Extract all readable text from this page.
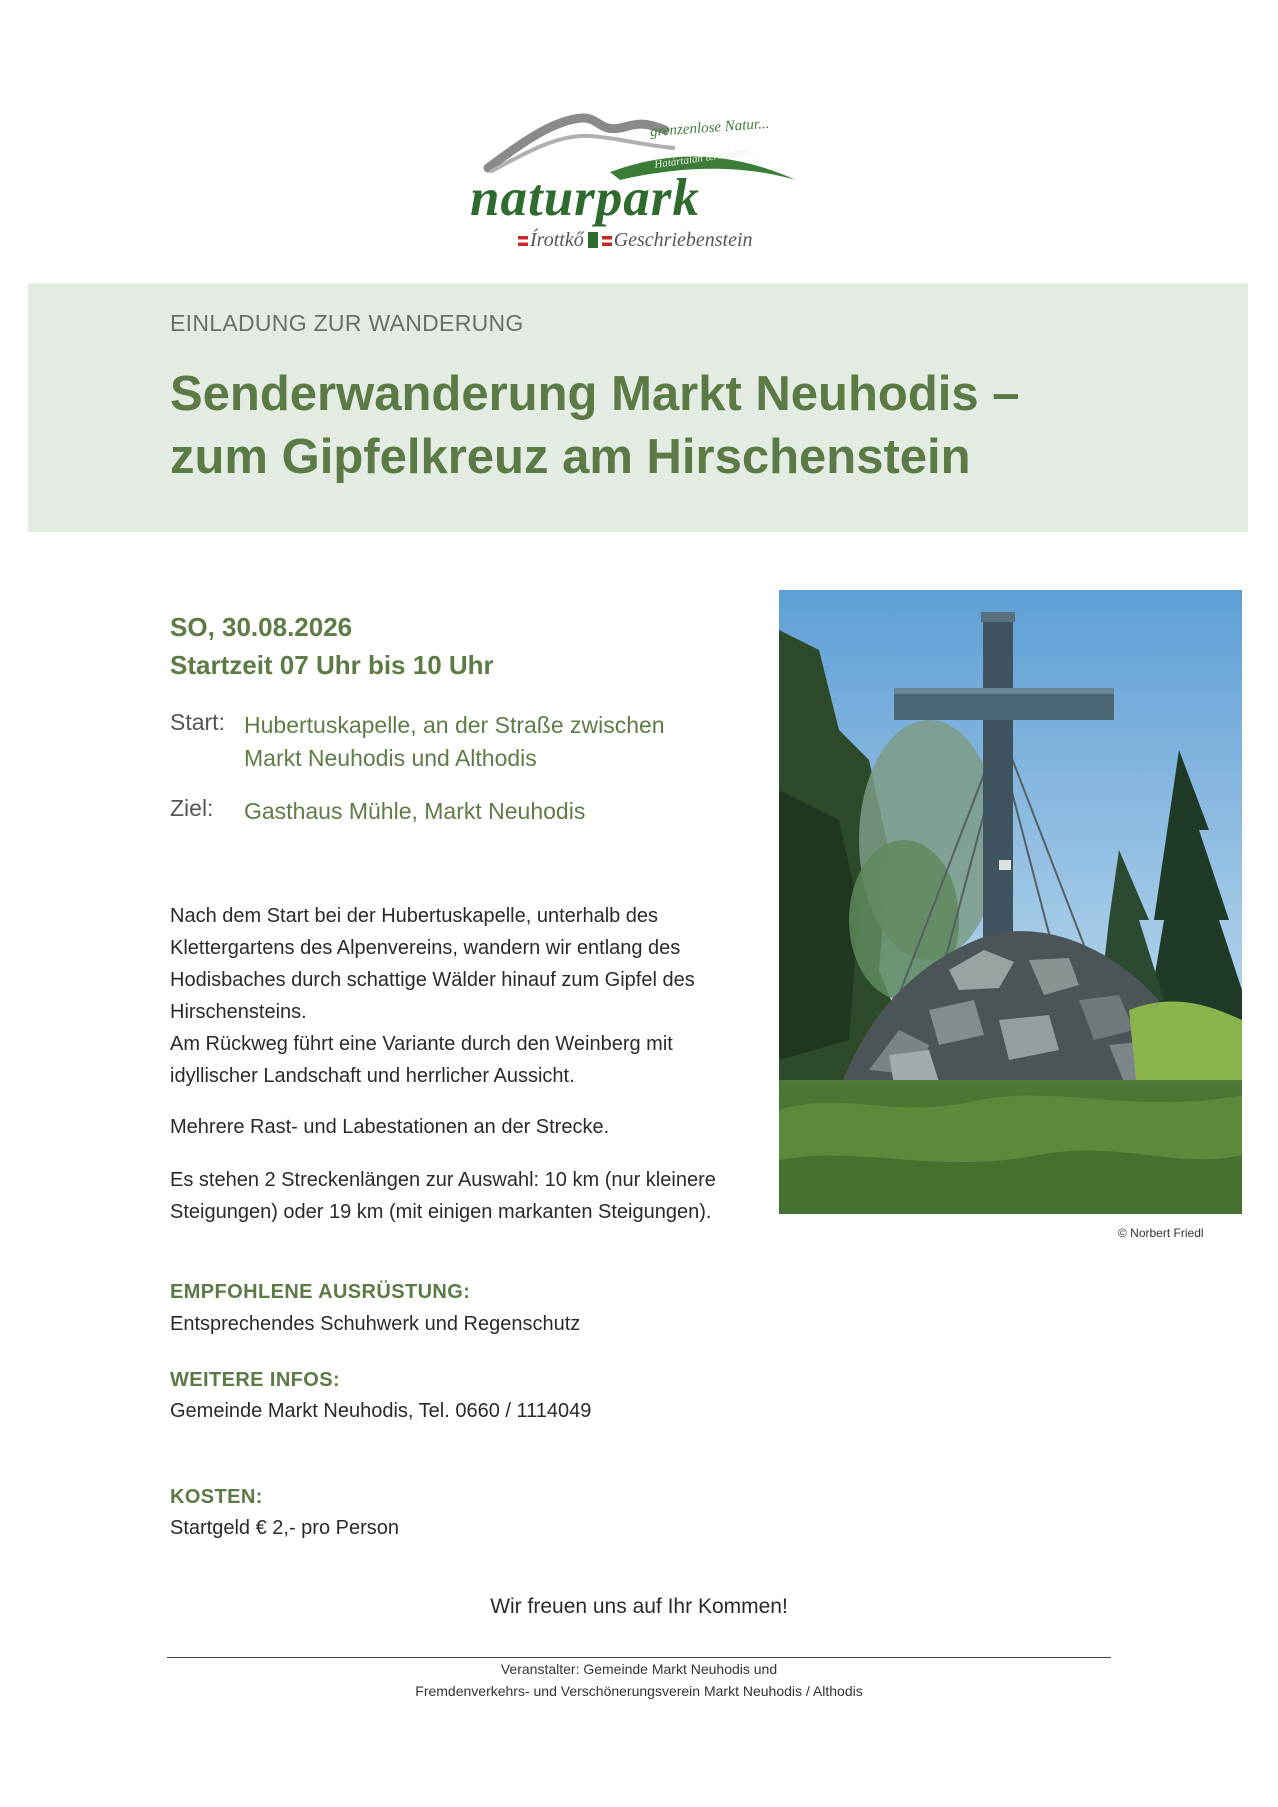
grenzenlose Natur...
Határtalan természet...
naturpark
Írottkő Geschriebenstein
EINLADUNG ZUR WANDERUNG
Senderwanderung Markt Neuhodis –
zum Gipfelkreuz am Hirschenstein
SO, 30.08.2026
Startzeit 07 Uhr bis 10 Uhr
Start: Hubertuskapelle, an der Straße zwischen
Markt Neuhodis und Althodis
Ziel: Gasthaus Mühle, Markt Neuhodis
Nach dem Start bei der Hubertuskapelle, unterhalb des
Klettergartens des Alpenvereins, wandern wir entlang des
Hodisbaches durch schattige Wälder hinauf zum Gipfel des
Hirschensteins.
Am Rückweg führt eine Variante durch den Weinberg mit
idyllischer Landschaft und herrlicher Aussicht.
Mehrere Rast- und Labestationen an der Strecke.
Es stehen 2 Streckenlängen zur Auswahl: 10 km (nur kleinere
Steigungen) oder 19 km (mit einigen markanten Steigungen).
© Norbert Friedl
EMPFOHLENE AUSRÜSTUNG:
Entsprechendes Schuhwerk und Regenschutz
WEITERE INFOS:
Gemeinde Markt Neuhodis, Tel. 0660 / 1114049
KOSTEN:
Startgeld € 2,- pro Person
Wir freuen uns auf Ihr Kommen!
Veranstalter: Gemeinde Markt Neuhodis und
Fremdenverkehrs- und Verschönerungsverein Markt Neuhodis / Althodis
